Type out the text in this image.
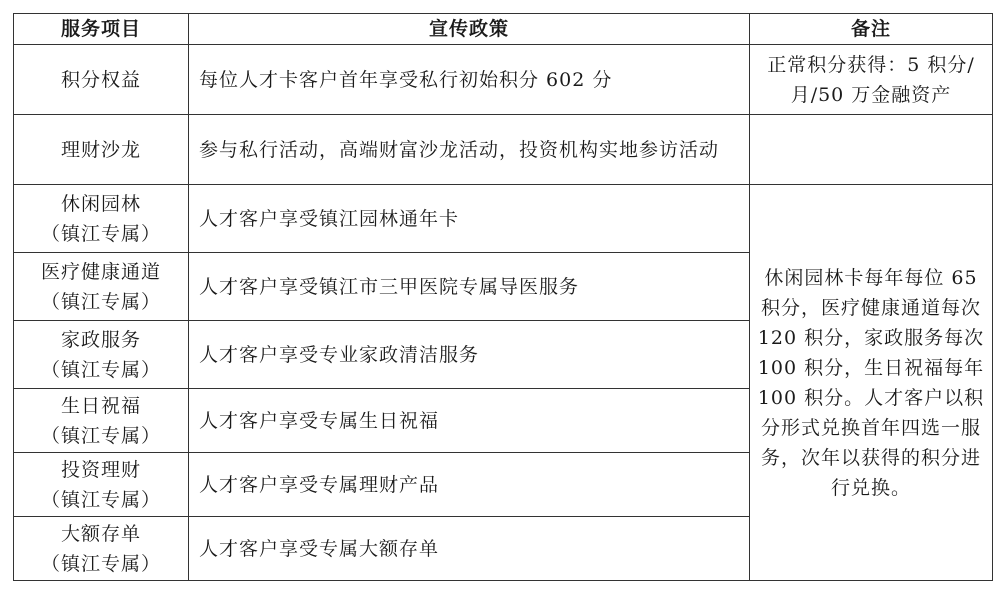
服务项目	宣传政策	备注
积分权益	每位人才卡客户首年享受私行初始积分 602 分	正常积分获得：5 积分/月/50 万金融资产
理财沙龙	参与私行活动，高端财富沙龙活动，投资机构实地参访活动	

休闲园林
（镇江专属）	人才客户享受镇江园林通年卡	休闲园林卡每年每位 65 积分，医疗健康通道每次 120 积分，家政服务每次 100 积分，生日祝福每年 100 积分。人才客户以积分形式兑换首年四选一服务，次年以获得的积分进行兑换。

医疗健康通道
（镇江专属）	人才客户享受镇江市三甲医院专属导医服务	

家政服务
（镇江专属）	人才客户享受专业家政清洁服务	

生日祝福
（镇江专属）	人才客户享受专属生日祝福	

投资理财
（镇江专属）	人才客户享受专属理财产品	

大额存单
（镇江专属）	人才客户享受专属大额存单	
